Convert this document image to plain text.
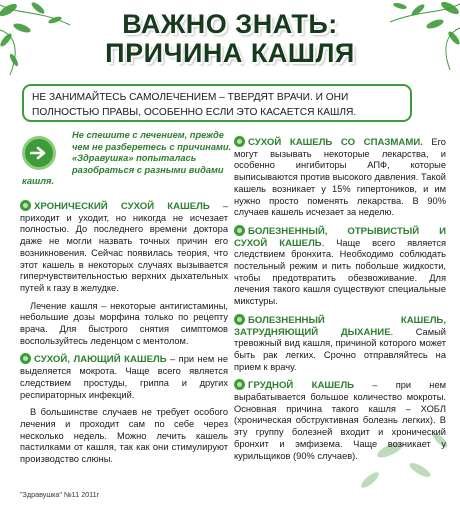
ВАЖНО ЗНАТЬ:
ПРИЧИНА КАШЛЯ
НЕ ЗАНИМАЙТЕСЬ САМОЛЕЧЕНИЕМ – ТВЕРДЯТ ВРАЧИ. И ОНИ ПОЛНОСТЬЮ ПРАВЫ, ОСОБЕННО ЕСЛИ ЭТО КАСАЕТСЯ КАШЛЯ.

Не спешите с лечением, прежде чем не разберетесь с причинами. «Здравушка» попыталась разобраться с разными видами
кашля.

ХРОНИЧЕСКИЙ СУХОЙ КАШЕЛЬ – приходит и уходит, но никогда не исчезает полностью. До последнего времени доктора даже не могли назвать точных причин его возникновения. Сейчас появилась теория, что этот кашель в некоторых случаях вызывается гиперчувствительностью верхних дыхательных путей к газу в желудке.

Лечение кашля – некоторые антигистамины, небольшие дозы морфина только по рецепту врача. Для быстрого снятия симптомов воспользуйтесь леденцом с ментолом.

СУХОЙ, ЛАЮЩИЙ КАШЕЛЬ – при нем не выделяется мокрота. Чаще всего является следствием простуды, гриппа и других респираторных инфекций.

В большинстве случаев не требует особого лечения и проходит сам по себе через несколько недель. Можно лечить кашель пастилками от кашля, так как они стимулируют производство слюны.

СУХОЙ КАШЕЛЬ СО СПАЗМАМИ. Его могут вызывать некоторые лекарства, и особенно ингибиторы АПФ, которые выписываются против высокого давления. Такой кашель возникает у 15% гипертоников, и им нужно просто поменять лекарства. В 90% случаев кашель исчезает за неделю.

БОЛЕЗНЕННЫЙ, ОТРЫВИСТЫЙ И СУХОЙ КАШЕЛЬ. Чаще всего является следствием бронхита. Необходимо соблюдать постельный режим и пить побольше жидкости, чтобы предотвратить обезвоживание. Для лечения такого кашля существуют специальные микстуры.

БОЛЕЗНЕННЫЙ КАШЕЛЬ, ЗАТРУДНЯЮЩИЙ ДЫХАНИЕ. Самый тревожный вид кашля, причиной которого может быть рак легких. Срочно отправляйтесь на прием к врачу.

ГРУДНОЙ КАШЕЛЬ – при нем вырабатывается большое количество мокроты. Основная причина такого кашля – ХОБЛ (хроническая обструктивная болезнь легких). В эту группу болезней входит и хронический бронхит и эмфизема. Чаще возникает у курильщиков (90% случаев).

"Здравушка" №11 2011г
